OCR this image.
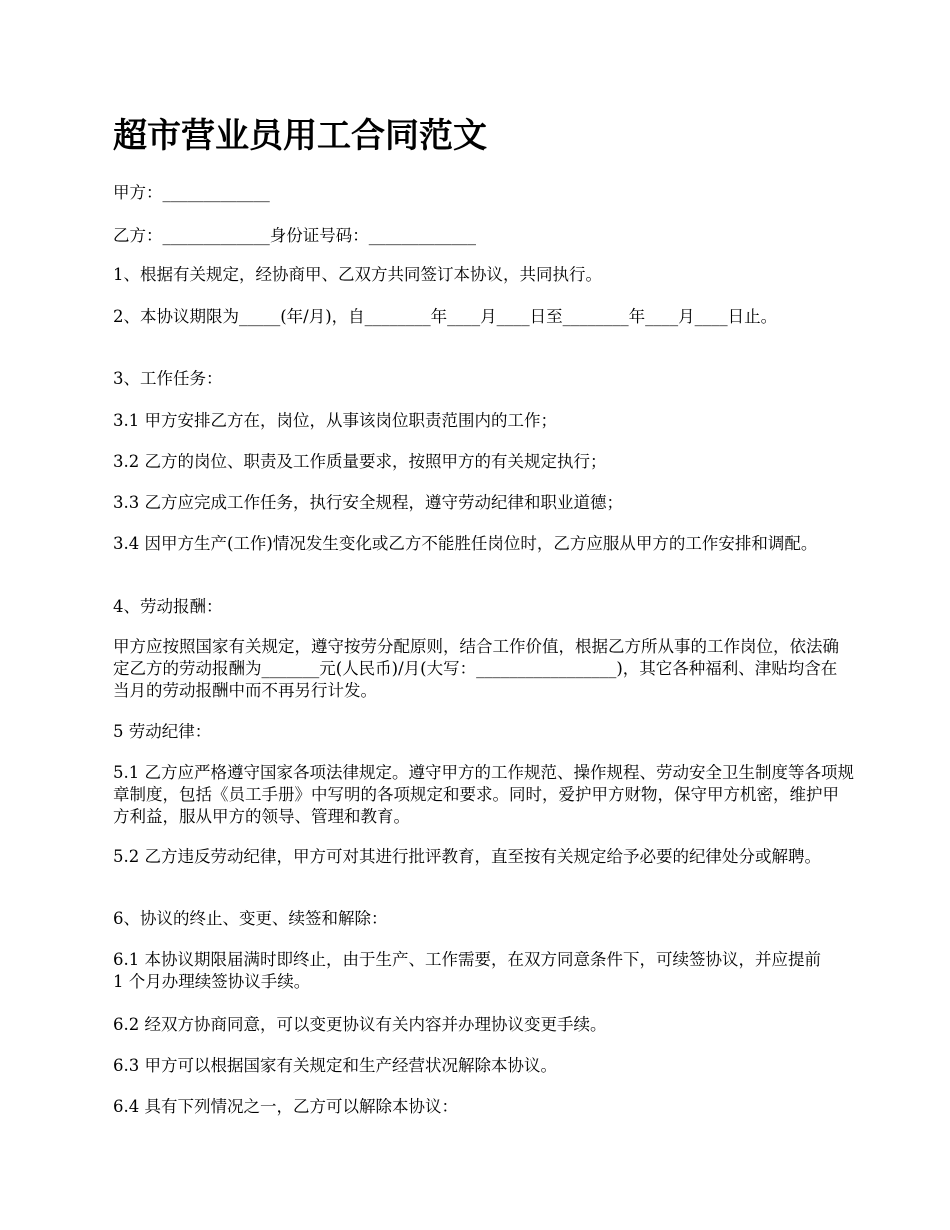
超市营业员用工合同范文

甲方：_____________

乙方：_____________身份证号码：_____________

1、根据有关规定，经协商甲、乙双方共同签订本协议，共同执行。

2、本协议期限为_____(年/月)，自________年____月____日至________年____月____日止。

3、工作任务：

3.1 甲方安排乙方在，岗位，从事该岗位职责范围内的工作；

3.2 乙方的岗位、职责及工作质量要求，按照甲方的有关规定执行；

3.3 乙方应完成工作任务，执行安全规程，遵守劳动纪律和职业道德；

3.4 因甲方生产(工作)情况发生变化或乙方不能胜任岗位时，乙方应服从甲方的工作安排和调配。

4、劳动报酬：

甲方应按照国家有关规定，遵守按劳分配原则，结合工作价值，根据乙方所从事的工作岗位，依法确定乙方的劳动报酬为_______元(人民币)/月(大写：_________________)，其它各种福利、津贴均含在当月的劳动报酬中而不再另行计发。

5 劳动纪律：

5.1 乙方应严格遵守国家各项法律规定。遵守甲方的工作规范、操作规程、劳动安全卫生制度等各项规章制度，包括《员工手册》中写明的各项规定和要求。同时，爱护甲方财物，保守甲方机密，维护甲方利益，服从甲方的领导、管理和教育。

5.2 乙方违反劳动纪律，甲方可对其进行批评教育，直至按有关规定给予必要的纪律处分或解聘。

6、协议的终止、变更、续签和解除：

6.1 本协议期限届满时即终止，由于生产、工作需要，在双方同意条件下，可续签协议，并应提前 1 个月办理续签协议手续。

6.2 经双方协商同意，可以变更协议有关内容并办理协议变更手续。

6.3 甲方可以根据国家有关规定和生产经营状况解除本协议。

6.4 具有下列情况之一，乙方可以解除本协议：
